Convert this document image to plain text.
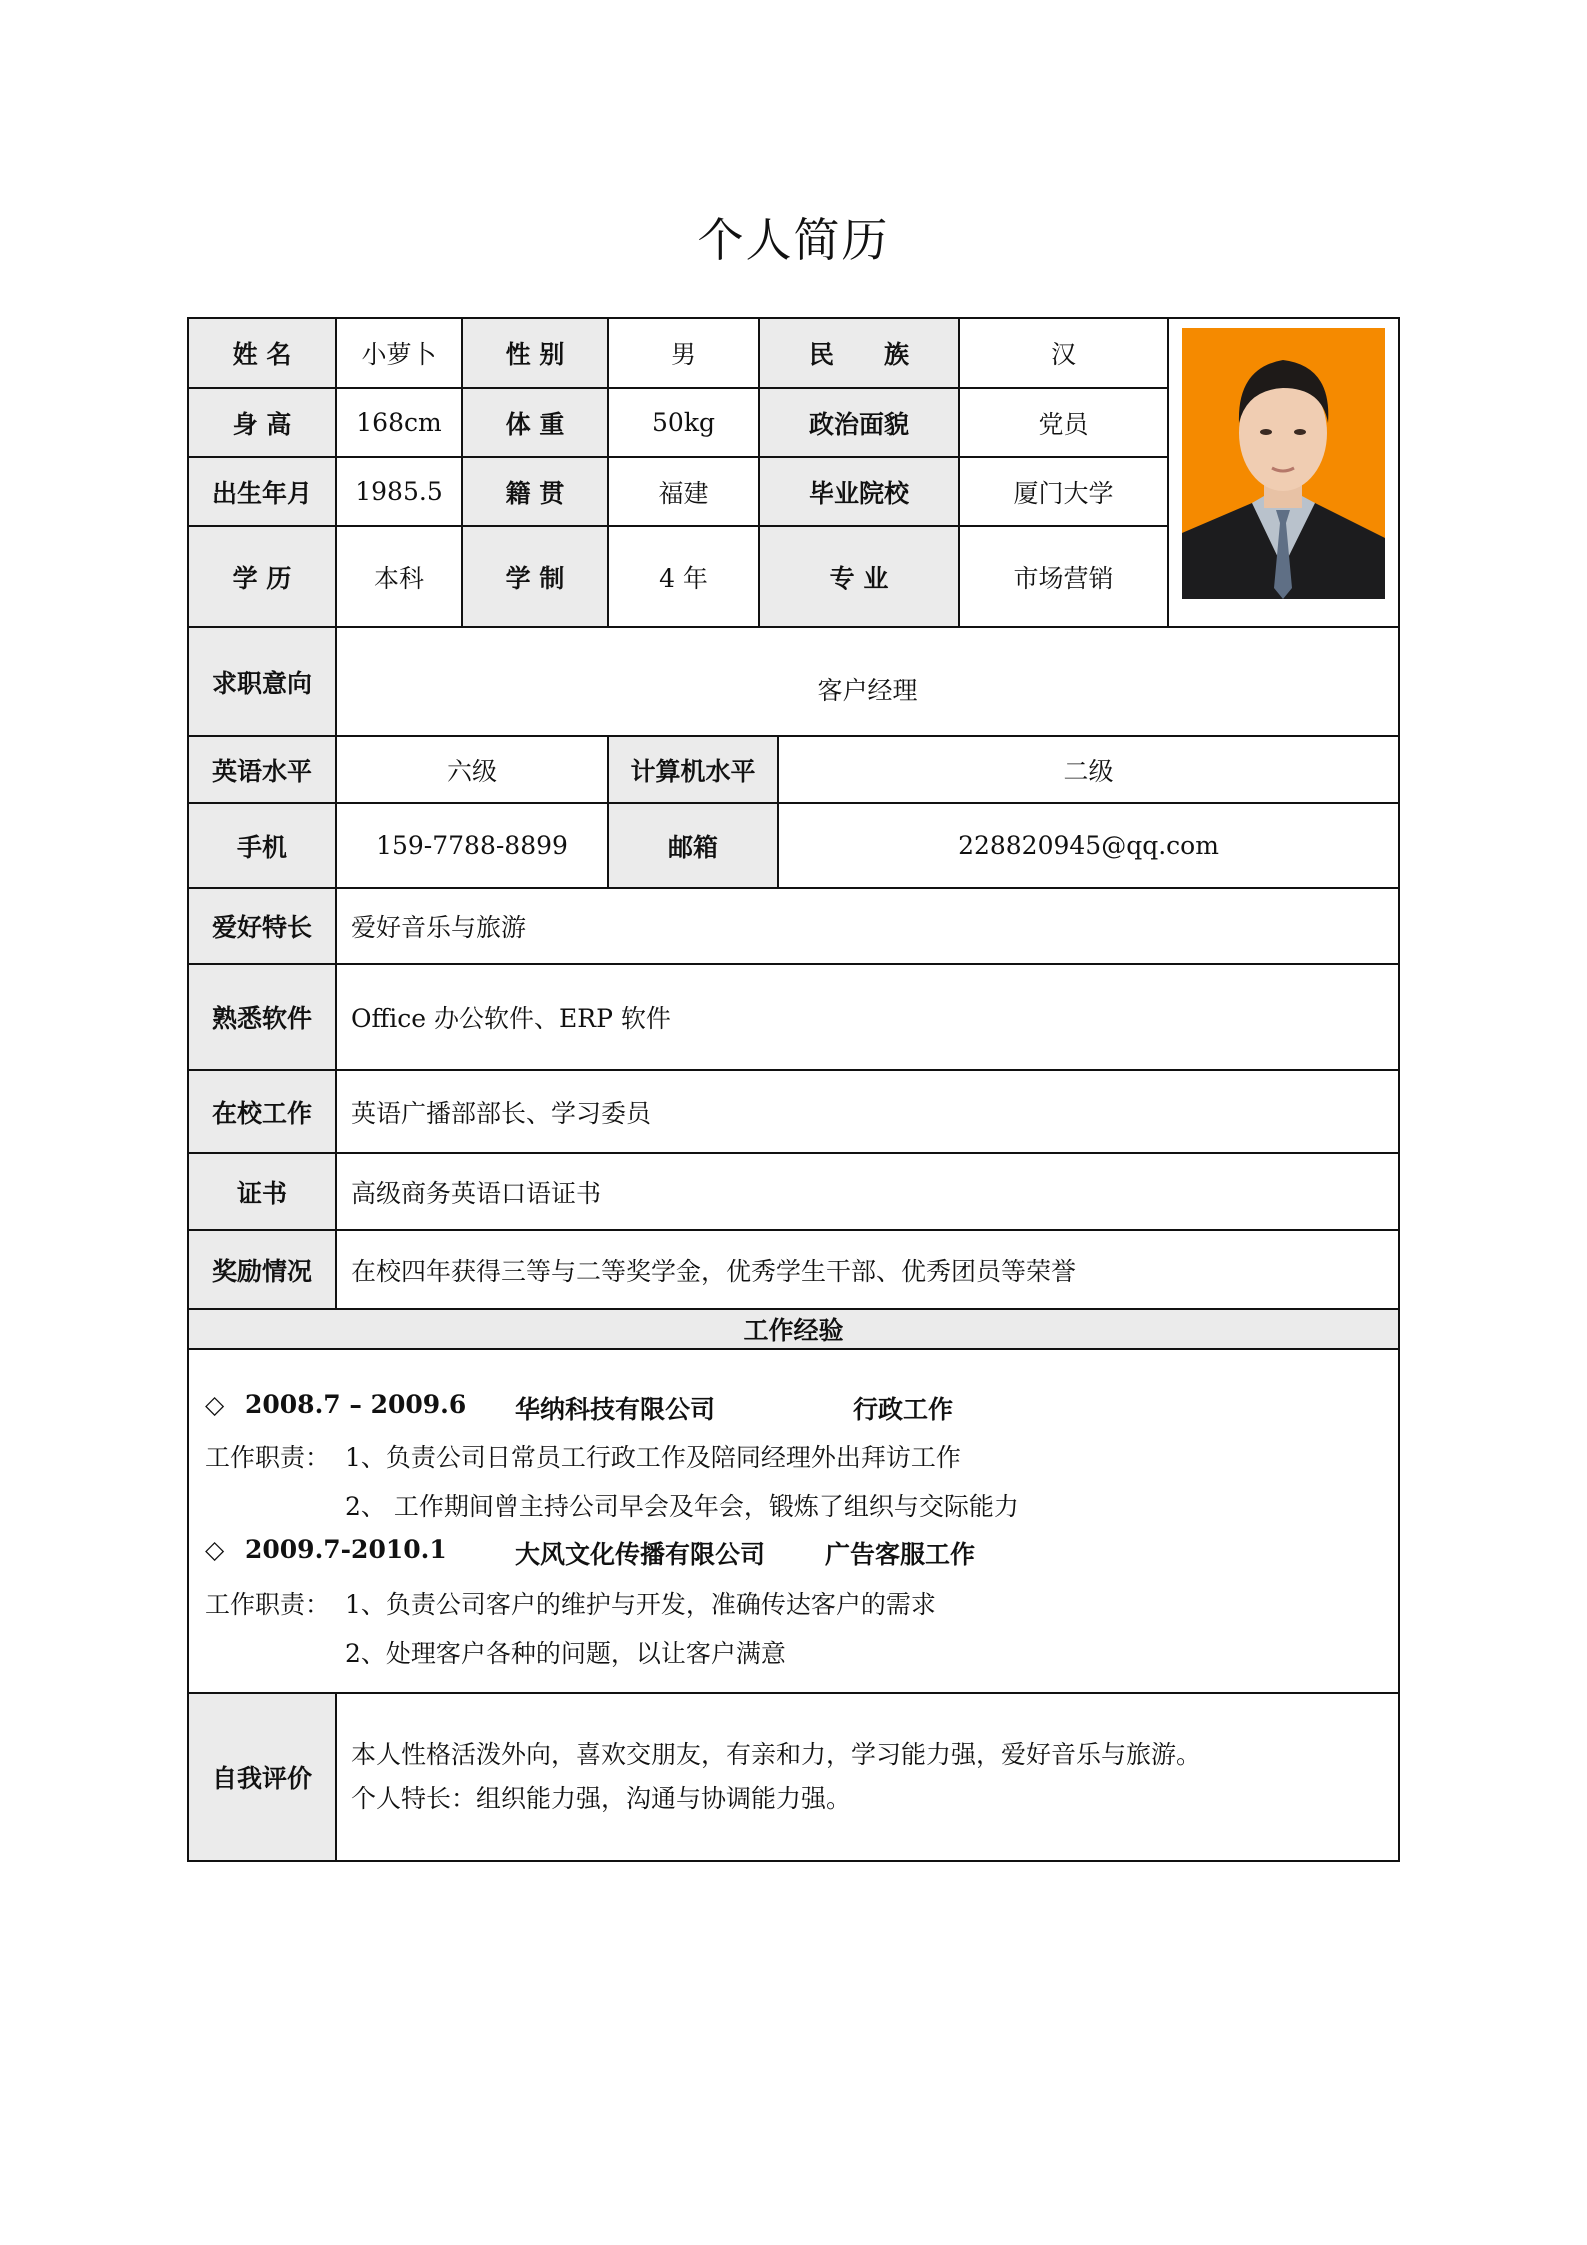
个人简历
姓 名	小萝卜	性 别	男	民　　族	汉
身 高	168cm	体 重	50kg	政治面貌	党员
出生年月	1985.5	籍 贯	福建	毕业院校	厦门大学
学 历	本科	学 制	4 年	专 业	市场营销
求职意向	客户经理
英语水平	六级	计算机水平	二级
手机	159-7788-8899	邮箱	228820945@qq.com
爱好特长	爱好音乐与旅游
熟悉软件	Office 办公软件、ERP 软件
在校工作	英语广播部部长、学习委员
证书	高级商务英语口语证书
奖励情况	在校四年获得三等与二等奖学金，优秀学生干部、优秀团员等荣誉
工作经验
◇ 2008.7 – 2009.6 华纳科技有限公司	行政工作
工作职责： 1、负责公司日常员工行政工作及陪同经理外出拜访工作
2、 工作期间曾主持公司早会及年会，锻炼了组织与交际能力
◇ 2009.7-2010.1	大风文化传播有限公司 广告客服工作
工作职责： 1、负责公司客户的维护与开发，准确传达客户的需求
2、处理客户各种的问题，以让客户满意
自我评价
本人性格活泼外向，喜欢交朋友，有亲和力，学习能力强，爱好音乐与旅游。
个人特长：组织能力强，沟通与协调能力强。
